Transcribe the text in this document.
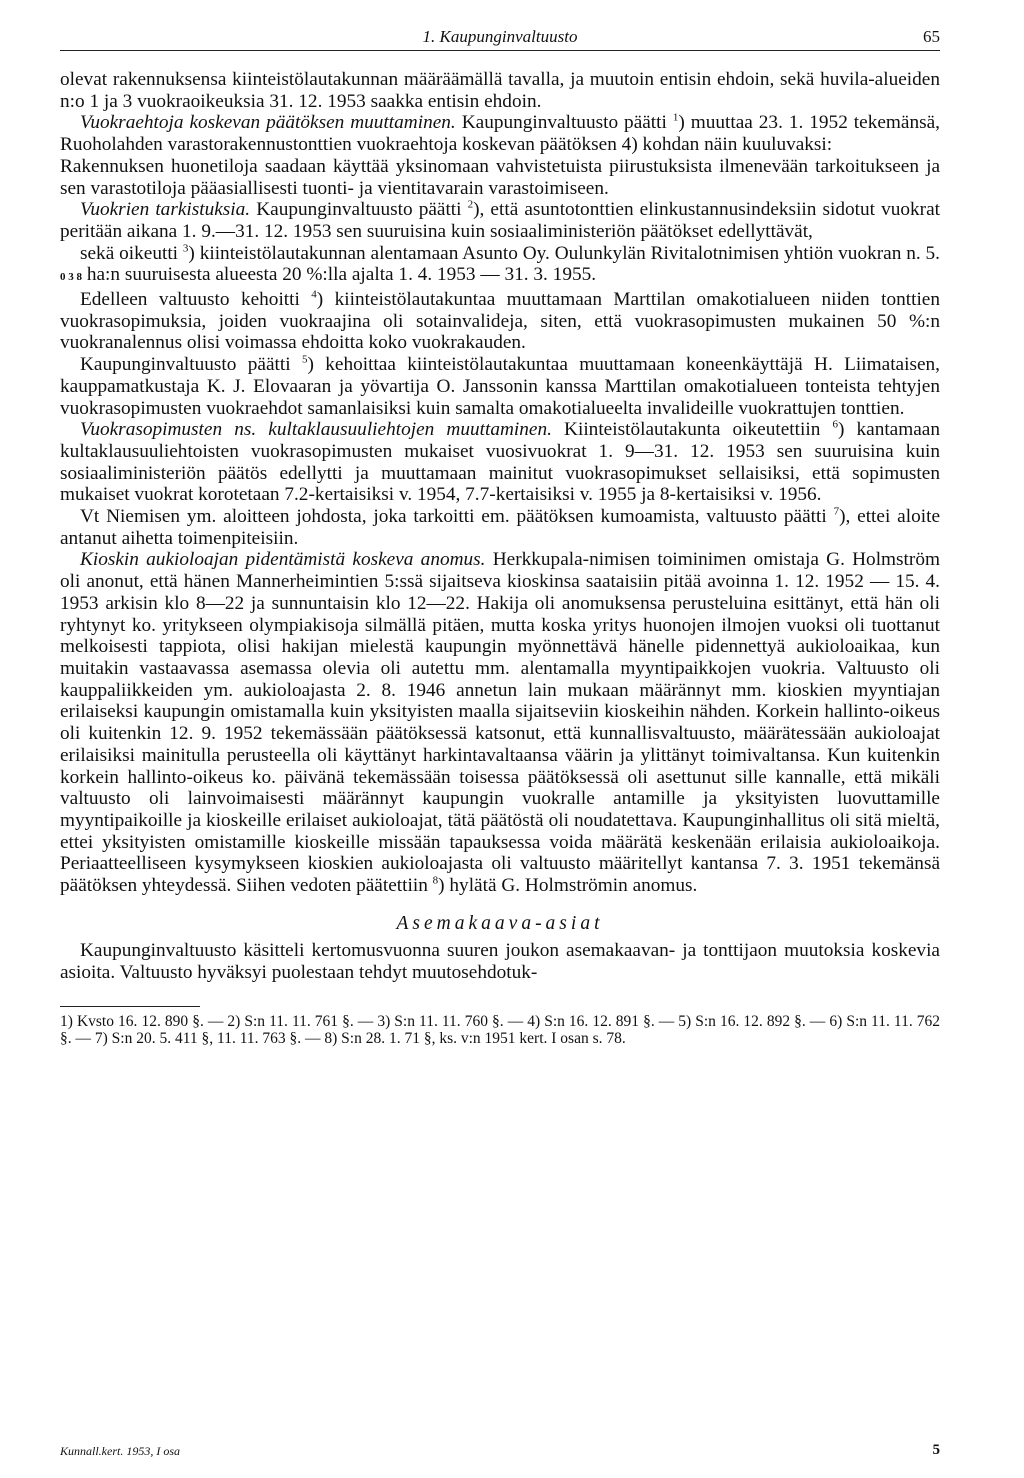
1. Kaupunginvaltuusto	65

olevat rakennuksensa kiinteistölautakunnan määräämällä tavalla, ja muutoin entisin ehdoin, sekä huvila-alueiden n:o 1 ja 3 vuokraoikeuksia 31. 12. 1953 saakka entisin ehdoin.

Vuokraehtoja koskevan päätöksen muuttaminen. Kaupunginvaltuusto päätti $^1$) muuttaa 23. 1. 1952 tekemänsä, Ruoholahden varastorakennustonttien vuokraehtoja koskevan päätöksen 4) kohdan näin kuuluvaksi:

Rakennuksen huonetiloja saadaan käyttää yksinomaan vahvistetuista piirustuksista ilmenevään tarkoitukseen ja sen varastotiloja pääasiallisesti tuonti- ja vientitavarain varastoimiseen.

Vuokrien tarkistuksia. Kaupunginvaltuusto päätti $^2$), että asuntotonttien elinkustannusindeksiin sidotut vuokrat peritään aikana 1. 9.—31. 12. 1953 sen suuruisina kuin sosiaaliministeriön päätökset edellyttävät,

sekä oikeutti $^3$) kiinteistölautakunnan alentamaan Asunto Oy. Oulunkylän Rivitalotnimisen yhtiön vuokran n. 5. 0 3 8 ha:n suuruisesta alueesta 20 %:lla ajalta 1. 4. 1953 — 31. 3. 1955.

Edelleen valtuusto kehoitti $^4$) kiinteistölautakuntaa muuttamaan Marttilan omakotialueen niiden tonttien vuokrasopimuksia, joiden vuokraajina oli sotainvalideja, siten, että vuokrasopimusten mukainen 50 %:n vuokranalennus olisi voimassa ehdoitta koko vuokrakauden.

Kaupunginvaltuusto päätti $^5$) kehoittaa kiinteistölautakuntaa muuttamaan koneenkäyttäjä H. Liimataisen, kauppamatkustaja K. J. Elovaaran ja yövartija O. Janssonin kanssa Marttilan omakotialueen tonteista tehtyjen vuokrasopimusten vuokraehdot samanlaisiksi kuin samalta omakotialueelta invalideille vuokrattujen tonttien.

Vuokrasopimusten ns. kultaklausuuliehtojen muuttaminen. Kiinteistölautakunta oikeutettiin $^6$) kantamaan kultaklausuuliehtoisten vuokrasopimusten mukaiset vuosivuokrat 1. 9—31. 12. 1953 sen suuruisina kuin sosiaaliministeriön päätös edellytti ja muuttamaan mainitut vuokrasopimukset sellaisiksi, että sopimusten mukaiset vuokrat korotetaan 7.2-kertaisiksi v. 1954, 7.7-kertaisiksi v. 1955 ja 8-kertaisiksi v. 1956.

Vt Niemisen ym. aloitteen johdosta, joka tarkoitti em. päätöksen kumoamista, valtuusto päätti $^7$), ettei aloite antanut aihetta toimenpiteisiin.

Kioskin aukioloajan pidentämistä koskeva anomus. Herkkupala-nimisen toiminimen omistaja G. Holmström oli anonut, että hänen Mannerheimintien 5:ssä sijaitseva kioskinsa saataisiin pitää avoinna 1. 12. 1952 — 15. 4. 1953 arkisin klo 8—22 ja sunnuntaisin klo 12—22. Hakija oli anomuksensa perusteluina esittänyt, että hän oli ryhtynyt ko. yritykseen olympiakisoja silmällä pitäen, mutta koska yritys huonojen ilmojen vuoksi oli tuottanut melkoisesti tappiota, olisi hakijan mielestä kaupungin myönnettävä hänelle pidennettyä aukioloaikaa, kun muitakin vastaavassa asemassa olevia oli autettu mm. alentamalla myyntipaikkojen vuokria. Valtuusto oli kauppaliikkeiden ym. aukioloajasta 2. 8. 1946 annetun lain mukaan määrännyt mm. kioskien myyntiajan erilaiseksi kaupungin omistamalla kuin yksityisten maalla sijaitseviin kioskeihin nähden. Korkein hallinto-oikeus oli kuitenkin 12. 9. 1952 tekemässään päätöksessä katsonut, että kunnallisvaltuusto, määrätessään aukioloajat erilaisiksi mainitulla perusteella oli käyttänyt harkintavaltaansa väärin ja ylittänyt toimivaltansa. Kun kuitenkin korkein hallinto-oikeus ko. päivänä tekemässään toisessa päätöksessä oli asettunut sille kannalle, että mikäli valtuusto oli lainvoimaisesti määrännyt kaupungin vuokralle antamille ja yksityisten luovuttamille myyntipaikoille ja kioskeille erilaiset aukioloajat, tätä päätöstä oli noudatettava. Kaupunginhallitus oli sitä mieltä, ettei yksityisten omistamille kioskeille missään tapauksessa voida määrätä keskenään erilaisia aukioloaikoja. Periaatteelliseen kysymykseen kioskien aukioloajasta oli valtuusto määritellyt kantansa 7. 3. 1951 tekemänsä päätöksen yhteydessä. Siihen vedoten päätettiin $^8$) hylätä G. Holmströmin anomus.

Asemakaava-asiat

Kaupunginvaltuusto käsitteli kertomusvuonna suuren joukon asemakaavan- ja tonttijaon muutoksia koskevia asioita. Valtuusto hyväksyi puolestaan tehdyt muutosehdotuk-

1) Kvsto 16. 12. 890 §. — 2) S:n 11. 11. 761 §. — 3) S:n 11. 11. 760 §. — 4) S:n 16. 12. 891 §. — 5) S:n 16. 12. 892 §. — 6) S:n 11. 11. 762 §. — 7) S:n 20. 5. 411 §, 11. 11. 763 §. — 8) S:n 28. 1. 71 §, ks. v:n 1951 kert. I osan s. 78.
Kunnall.kert. 1953, I osa	5
